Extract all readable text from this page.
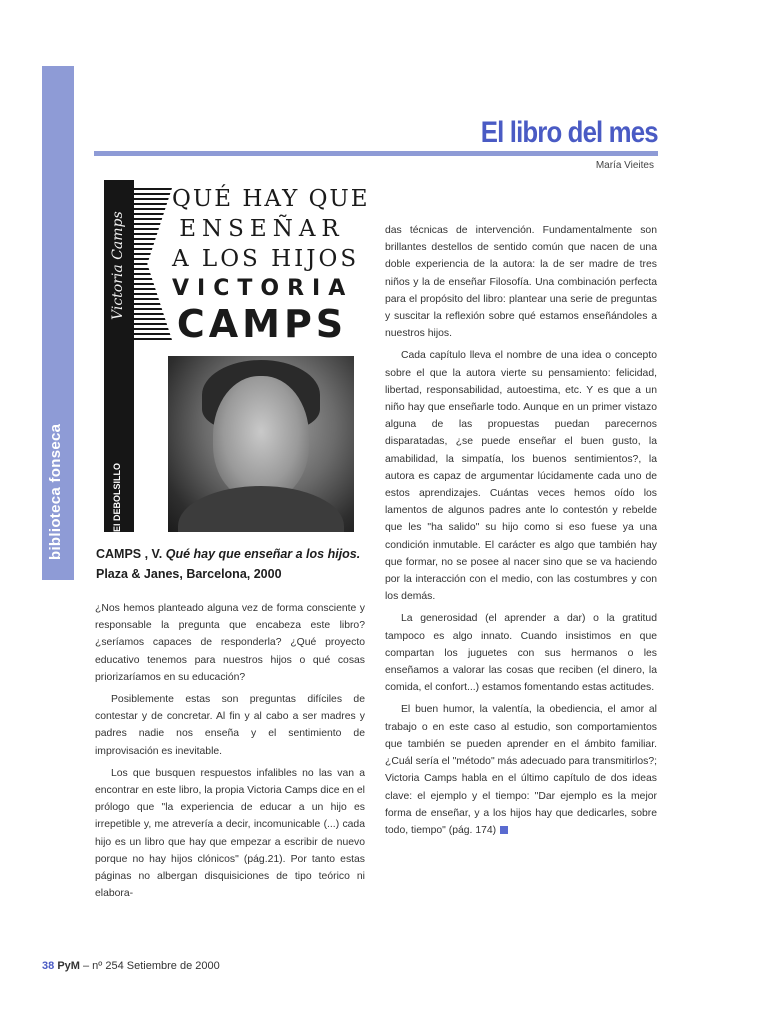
biblioteca fonseca
El libro del mes
María Vieites
Victoria Camps
El DEBOLSILLO
QUÉ HAY QUE
ENSEÑAR
A LOS HIJOS
VICTORIA
CAMPS
CAMPS , V. Qué hay que enseñar a los hijos. Plaza & Janes, Barcelona, 2000

¿Nos hemos planteado alguna vez de forma consciente y responsable la pregunta que encabeza este libro? ¿seríamos capaces de responderla? ¿Qué proyecto educativo tenemos para nuestros hijos o qué cosas priorizaríamos en su educación?

Posiblemente estas son preguntas difíciles de contestar y de concretar. Al fin y al cabo a ser madres y padres nadie nos enseña y el sentimiento de improvisación es inevitable.

Los que busquen respuestos infalibles no las van a encontrar en este libro, la propia Victoria Camps dice en el prólogo que "la experiencia de educar a un hijo es irrepetible y, me atrevería a decir, incomunicable (...) cada hijo es un libro que hay que empezar a escribir de nuevo porque no hay hijos clónicos" (pág.21). Por tanto estas páginas no albergan disquisiciones de tipo teórico ni elabora-

das técnicas de intervención. Fundamentalmente son brillantes destellos de sentido común que nacen de una doble experiencia de la autora: la de ser madre de tres niños y la de enseñar Filosofía. Una combinación perfecta para el propósito del libro: plantear una serie de preguntas y suscitar la reflexión sobre qué estamos enseñándoles a nuestros hijos.

Cada capítulo lleva el nombre de una idea o concepto sobre el que la autora vierte su pensamiento: felicidad, libertad, responsabilidad, autoestima, etc. Y es que a un niño hay que enseñarle todo. Aunque en un primer vistazo alguna de las propuestas puedan parecernos disparatadas, ¿se puede enseñar el buen gusto, la amabilidad, la simpatía, los buenos sentimientos?, la autora es capaz de argumentar lúcidamente cada uno de estos aprendizajes. Cuántas veces hemos oído los lamentos de algunos padres ante lo contestón y rebelde que les "ha salido" su hijo como si eso fuese ya una condición inmutable. El carácter es algo que también hay que formar, no se posee al nacer sino que se va haciendo por la interacción con el medio, con las costumbres y con los demás.

La generosidad (el aprender a dar) o la gratitud tampoco es algo innato. Cuando insistimos en que compartan los juguetes con sus hermanos o les enseñamos a valorar las cosas que reciben (el dinero, la comida, el confort...) estamos fomentando estas actitudes.

El buen humor, la valentía, la obediencia, el amor al trabajo o en este caso al estudio, son comportamientos que también se pueden aprender en el ámbito familiar. ¿Cuál sería el "método" más adecuado para transmitirlos?; Victoria Camps habla en el último capítulo de dos ideas clave: el ejemplo y el tiempo: "Dar ejemplo es la mejor forma de enseñar, y a los hijos hay que dedicarles, sobre todo, tiempo" (pág. 174)

38 PyM – nº 254 Setiembre de 2000
